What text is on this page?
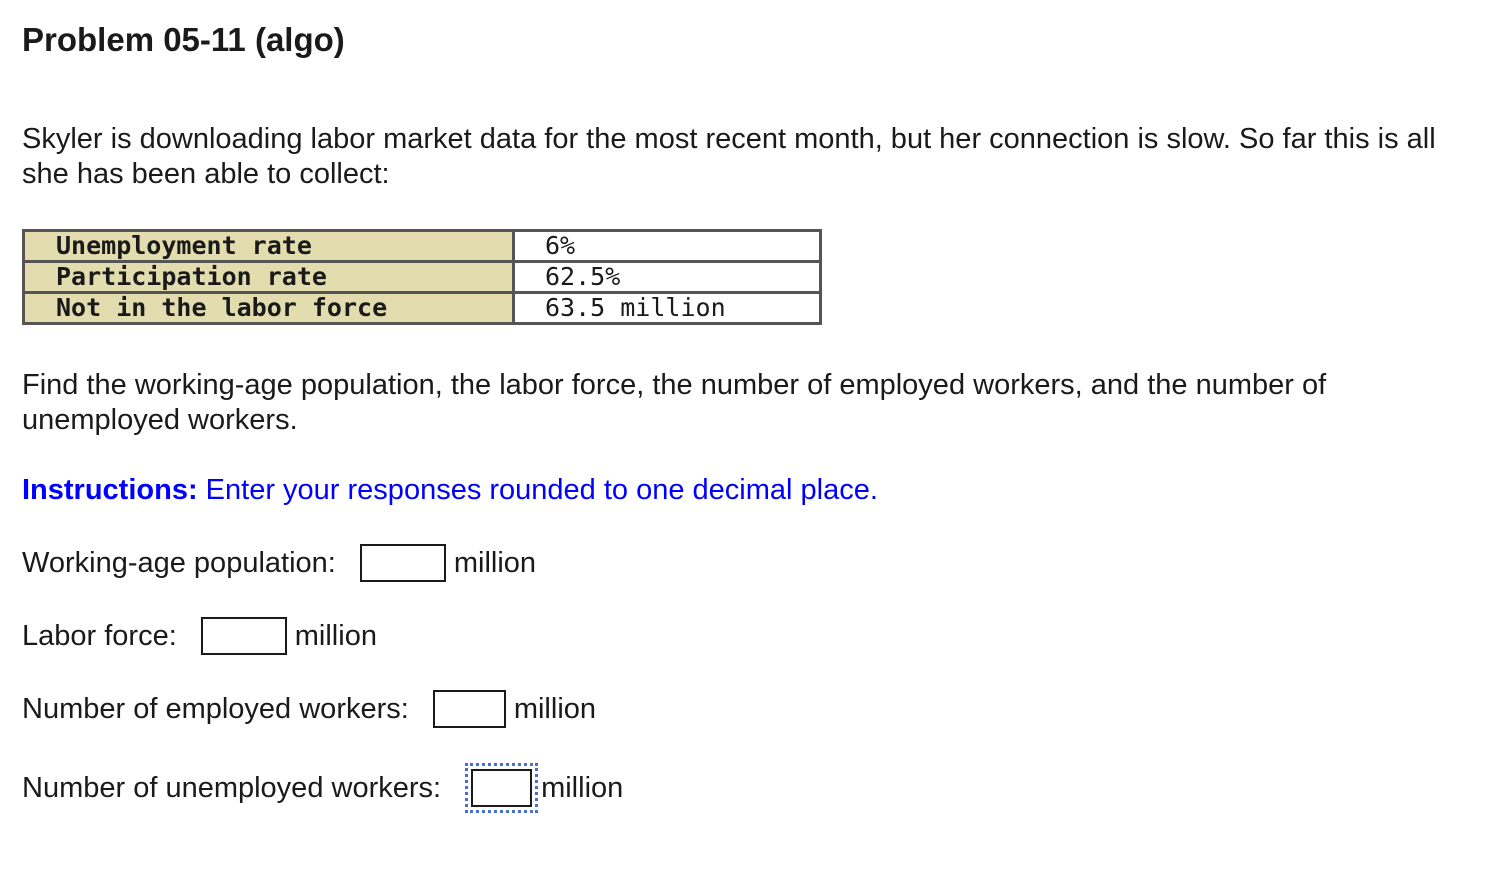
Problem 05-11 (algo)

Skyler is downloading labor market data for the most recent month, but her connection is slow. So far this is all she has been able to collect:

Unemployment rate	6%
Participation rate	62.5%
Not in the labor force	63.5 million

Find the working-age population, the labor force, the number of employed workers, and the number of unemployed workers.

Instructions: Enter your responses rounded to one decimal place.

Working-age population:	million
Labor force:	million
Number of employed workers:	million
Number of unemployed workers:	million
